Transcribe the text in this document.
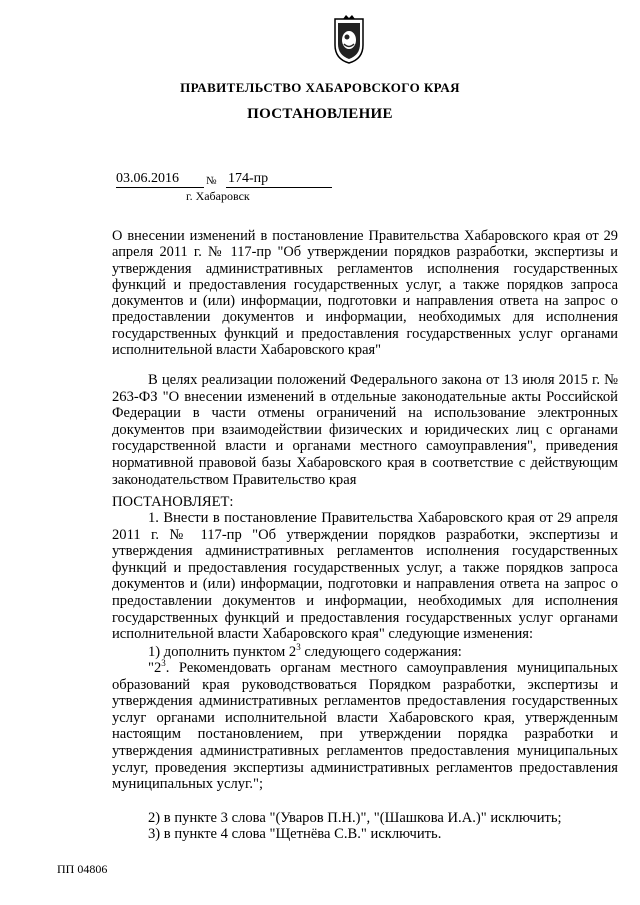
ПРАВИТЕЛЬСТВО ХАБАРОВСКОГО КРАЯ
ПОСТАНОВЛЕНИЕ
03.06.2016	№ 174-пр
г. Хабаровск
О внесении изменений в постановление Правительства Хабаровского края от 29 апреля 2011 г. № 117-пр "Об утверждении порядков разработки, экспертизы и утверждения административных регламентов исполнения государственных функций и предоставления государственных услуг, а также порядков запроса документов и (или) информации, подготовки и направления ответа на запрос о предоставлении документов и информации, необходимых для исполнения государственных функций и предоставления государственных услуг органами исполнительной власти Хабаровского края"
В целях реализации положений Федерального закона от 13 июля 2015 г. № 263-ФЗ "О внесении изменений в отдельные законодательные акты Российской Федерации в части отмены ограничений на использование электронных документов при взаимодействии физических и юридических лиц с органами государственной власти и органами местного самоуправления", приведения нормативной правовой базы Хабаровского края в соответствие с действующим законодательством Правительство края
ПОСТАНОВЛЯЕТ:
1. Внести в постановление Правительства Хабаровского края от 29 апреля 2011 г. № 117-пр "Об утверждении порядков разработки, экспертизы и утверждения административных регламентов исполнения государственных функций и предоставления государственных услуг, а также порядков запроса документов и (или) информации, подготовки и направления ответа на запрос о предоставлении документов и информации, необходимых для исполнения государственных функций и предоставления государственных услуг органами исполнительной власти Хабаровского края" следующие изменения:
1) дополнить пунктом $2^3$ следующего содержания:
"$2^3$. Рекомендовать органам местного самоуправления муниципальных образований края руководствоваться Порядком разработки, экспертизы и утверждения административных регламентов предоставления государственных услуг органами исполнительной власти Хабаровского края, утвержденным настоящим постановлением, при утверждении порядка разработки и утверждения административных регламентов предоставления муниципальных услуг, проведения экспертизы административных регламентов предоставления муниципальных услуг.";
2) в пункте 3 слова "(Уваров П.Н.)", "(Шашкова И.А.)" исключить;
3) в пункте 4 слова "Щетнёва С.В." исключить.
ПП 04806
